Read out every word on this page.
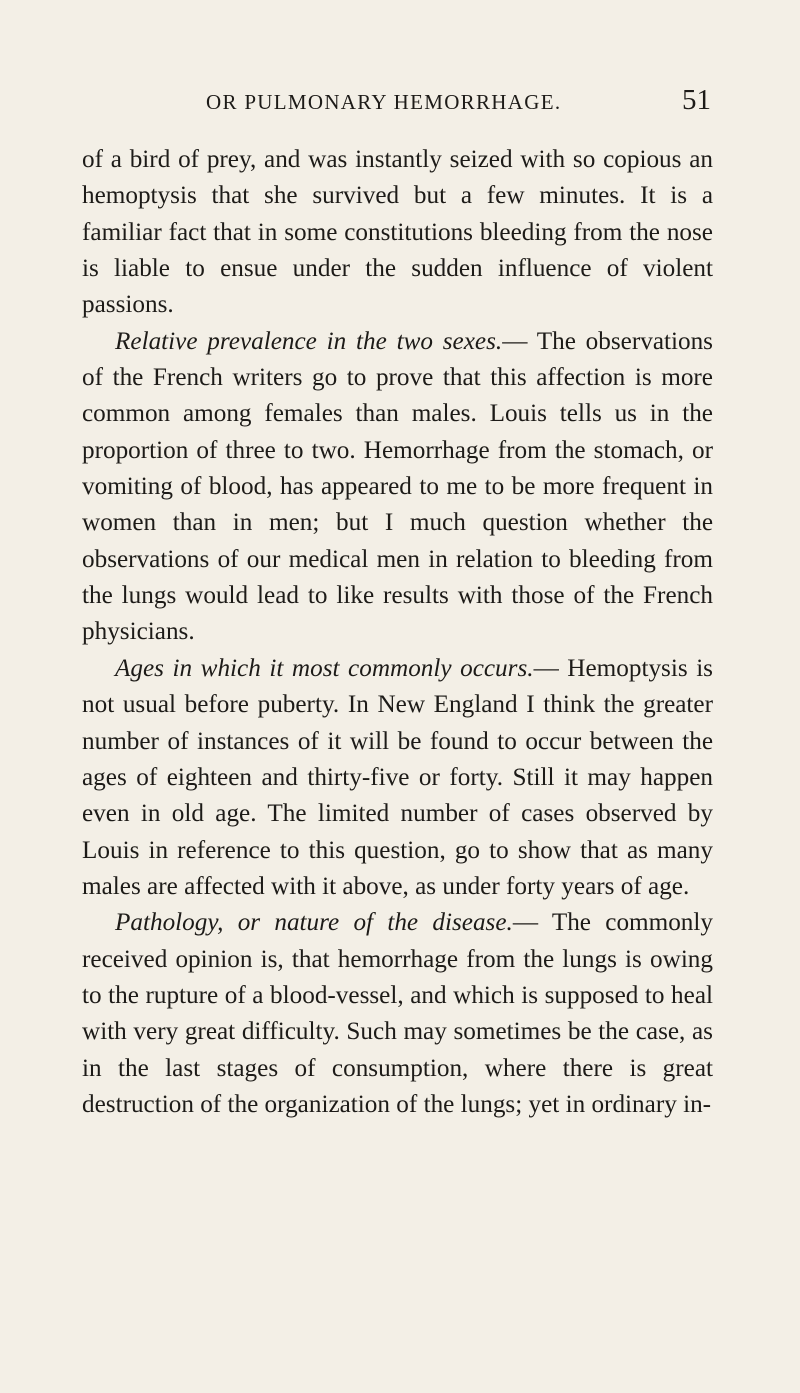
OR PULMONARY HEMORRHAGE.	51

of a bird of prey, and was instantly seized with so copious an hemoptysis that she survived but a few minutes. It is a familiar fact that in some constitutions bleeding from the nose is liable to ensue under the sudden influence of violent passions.

Relative prevalence in the two sexes.— The observations of the French writers go to prove that this affection is more common among females than males. Louis tells us in the proportion of three to two. Hemorrhage from the stomach, or vomiting of blood, has appeared to me to be more frequent in women than in men; but I much question whether the observations of our medical men in relation to bleeding from the lungs would lead to like results with those of the French physicians.

Ages in which it most commonly occurs.— Hemoptysis is not usual before puberty. In New England I think the greater number of instances of it will be found to occur between the ages of eighteen and thirty-five or forty. Still it may happen even in old age. The limited number of cases observed by Louis in reference to this question, go to show that as many males are affected with it above, as under forty years of age.

Pathology, or nature of the disease.— The commonly received opinion is, that hemorrhage from the lungs is owing to the rupture of a blood-vessel, and which is supposed to heal with very great difficulty. Such may sometimes be the case, as in the last stages of consumption, where there is great destruction of the organization of the lungs; yet in ordinary in-
